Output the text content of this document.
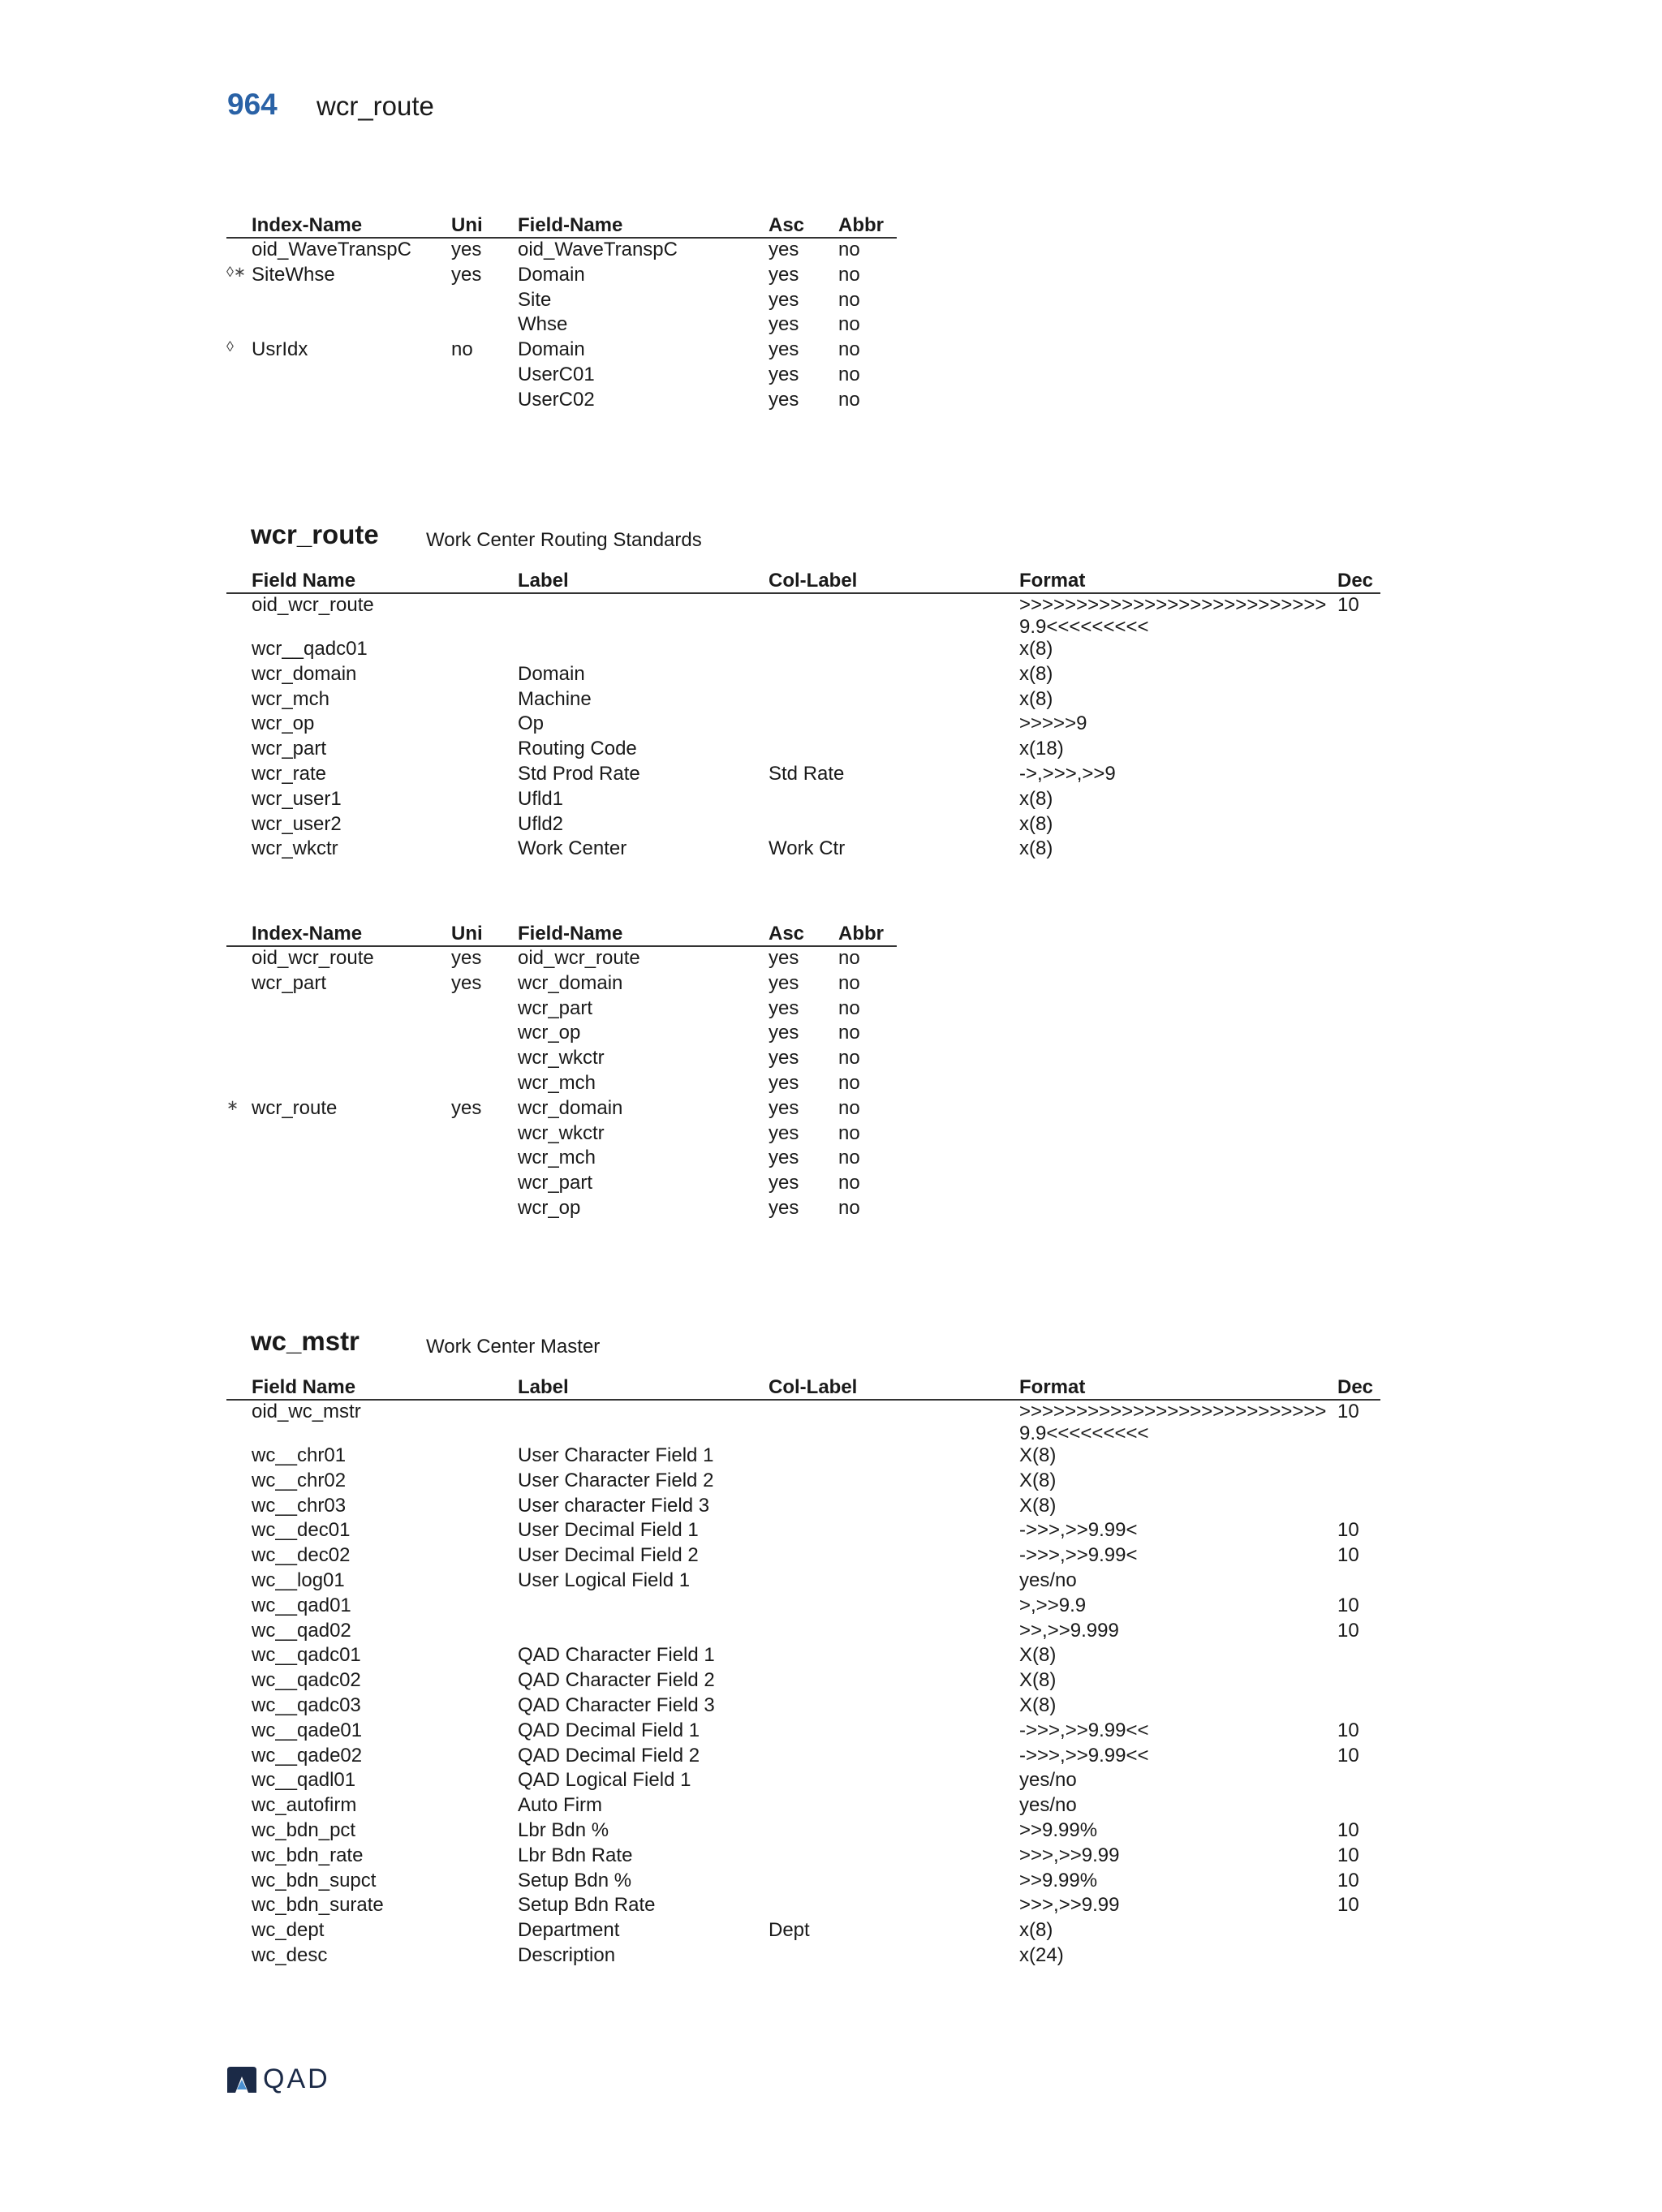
964 wcr_route
	Index-Name	Uni	Field-Name	Asc	Abbr
	oid_WaveTranspC	yes	oid_WaveTranspC	yes	no
◊∗	SiteWhse	yes	Domain	yes	no
			Site	yes	no
			Whse	yes	no
◊	UsrIdx	no	Domain	yes	no
			UserC01	yes	no
			UserC02	yes	no
wcr_route Work Center Routing Standards
	Field Name	Label	Col-Label	Format	Dec
	oid_wcr_route			>>>>>>>>>>>>>>>>>>>>>>>>>>>9.9<<<<<<<<<	10
	wcr__qadc01			x(8)	
	wcr_domain	Domain		x(8)	
	wcr_mch	Machine		x(8)	
	wcr_op	Op		>>>>>9	
	wcr_part	Routing Code		x(18)	
	wcr_rate	Std Prod Rate	Std Rate	->,>>>,>>9	
	wcr_user1	Ufld1		x(8)	
	wcr_user2	Ufld2		x(8)	
	wcr_wkctr	Work Center	Work Ctr	x(8)	
	Index-Name	Uni	Field-Name	Asc	Abbr
	oid_wcr_route	yes	oid_wcr_route	yes	no
	wcr_part	yes	wcr_domain	yes	no
			wcr_part	yes	no
			wcr_op	yes	no
			wcr_wkctr	yes	no
			wcr_mch	yes	no
∗	wcr_route	yes	wcr_domain	yes	no
			wcr_wkctr	yes	no
			wcr_mch	yes	no
			wcr_part	yes	no
			wcr_op	yes	no
wc_mstr	Work Center Master
	Field Name	Label	Col-Label	Format	Dec
	oid_wc_mstr			>>>>>>>>>>>>>>>>>>>>>>>>>>>9.9<<<<<<<<<	10
	wc__chr01	User Character Field 1		X(8)	
	wc__chr02	User Character Field 2		X(8)	
	wc__chr03	User character Field 3		X(8)	
	wc__dec01	User Decimal Field 1		->>>,>>9.99<	10
	wc__dec02	User Decimal Field 2		->>>,>>9.99<	10
	wc__log01	User Logical Field 1		yes/no	
	wc__qad01			>,>>9.9	10
	wc__qad02			>>,>>9.999	10
	wc__qadc01	QAD Character Field 1		X(8)	
	wc__qadc02	QAD Character Field 2		X(8)	
	wc__qadc03	QAD Character Field 3		X(8)	
	wc__qade01	QAD Decimal Field 1		->>>,>>9.99<<	10
	wc__qade02	QAD Decimal Field 2		->>>,>>9.99<<	10
	wc__qadl01	QAD Logical Field 1		yes/no	
	wc_autofirm	Auto Firm		yes/no	
	wc_bdn_pct	Lbr Bdn %		>>9.99%	10
	wc_bdn_rate	Lbr Bdn Rate		>>>,>>9.99	10
	wc_bdn_supct	Setup Bdn %		>>9.99%	10
	wc_bdn_surate	Setup Bdn Rate		>>>,>>9.99	10
	wc_dept	Department	Dept	x(8)	
	wc_desc	Description		x(24)	
QAD
